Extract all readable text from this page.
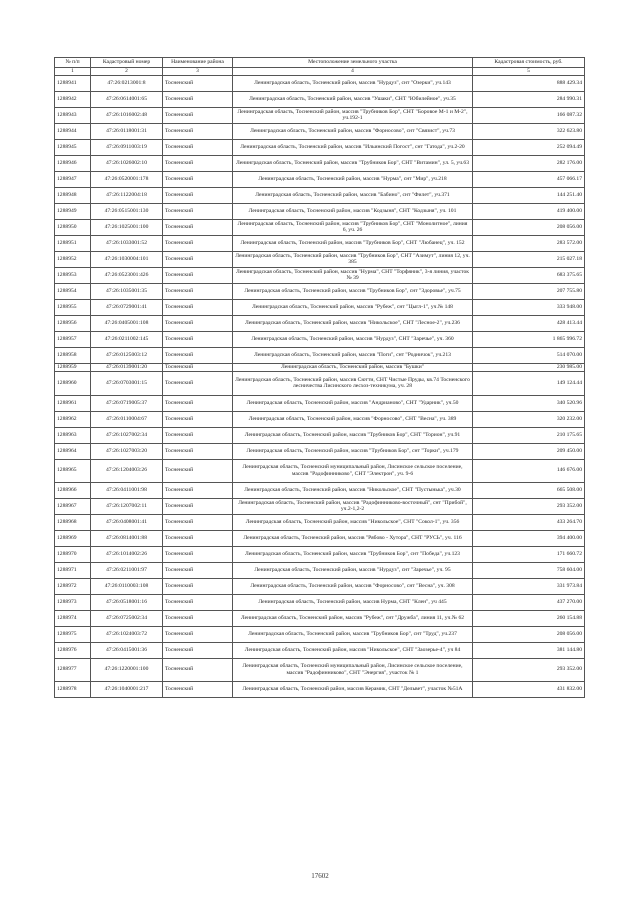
№ п/п	Кадастровый номер	Наименование района	Местоположение земельного участка	Кадастровая стоимость, руб.
1	2	3	4	5
1288941	47:26:0213001:8	Тосненский	Ленинградская область, Тосненский район, массив "Нурдуз", снт "Озерки", уч.143	888 429.34
1288942	47:26:0614001:65	Тосненский	Ленинградская область, Тосненский район, массив "Ушаки", СНТ "Юбилейное", уч.35	284 990.31
1288943	47:26:1016002:48	Тосненский	Ленинградская область, Тосненский район, массив "Трубников Бор", СНТ "Боровое М-1 и М-2", уч.192-1	166 087.32
1288944	47:26:0118001:31	Тосненский	Ленинградская область, Тосненский район, массив "Форносово", снт "Связист", уч.73	322 623.80
1288945	47:26:0911003:19	Тосненский	Ленинградская область, Тосненский район, массив "Ильинский Погост", снт "Гатода", уч.2-20	252 094.49
1288946	47:26:1026002:10	Тосненский	Ленинградская область, Тосненский район, массив "Трубников Бор", СНТ "Витамин", ул. 5, уч.63	282 176.00
1288947	47:26:0520001:178	Тосненский	Ленинградская область, Тосненский район, массив "Нурма", снт "Мир", уч.218	457 066.17
1288948	47:26:1122004:18	Тосненский	Ленинградская область, Тосненский район, массив "Бабино", снт "Филет", уч.371	144 251.40
1288949	47:26:0515001:130	Тосненский	Ленинградская область, Тосненский район, массив "Кодзыня", СНТ "Кодзыня", уч. 101	419 400.00
1288950	47:26:1025001:100	Тосненский	Ленинградская область, Тосненский район, массив "Трубников Бор", СНТ "Монолитное", линия 6, уч. 26	208 056.00
1288951	47:26:1033001:52	Тосненский	Ленинградская область, Тосненский район, массив "Трубников Бор", СНТ "Любанец", уч. 152	283 572.00
1288952	47:26:1030004:101	Тосненский	Ленинградская область, Тосненский район, массив "Трубников Бор", СНТ "Азимут", линия 12, уч. 385	215 027.18
1288953	47:26:0523001:426	Тосненский	Ленинградская область, Тосненский район, массив "Нурма", СНТ "Торфяник", 3-я линия, участок № 39	683 375.65
1288954	47:26:1035001:35	Тосненский	Ленинградская область, Тосненский район, массив "Трубников Бор", снт "Здоровье", уч.75	207 755.80
1288955	47:26:0729001:41	Тосненский	Ленинградская область, Тосненский район, массив "Рубеж", снт "Цыгл-1", уч.№ 148	333 948.00
1288956	47:26:0405001:108	Тосненский	Ленинградская область, Тосненский район, массив "Никольское", СНТ "Лесное-2", уч.236	428 413.44
1288957	47:26:0211002:145	Тосненский	Ленинградская область, Тосненский район, массив "Нурдуз", СНТ "Заречье", уч. 360	1 865 996.72
1288958	47:26:0125003:12	Тосненский	Ленинградская область, Тосненский район, массив "Поги", снт "Родничок", уч.213	514 070.00
1288959	47:26:0139001:20	Тосненский	Ленинградская область, Тосненский район, массив "Бушки"	230 985.00
1288960	47:26:0703001:15	Тосненский	Ленинградская область, Тосненский район, массив Сютти, СНТ Чистые Пруды, кв.74 Тосненского лесничества Лисинского лесхоз-техникума, уч. 28	149 124.44
1288961	47:26:0719005:37	Тосненский	Ленинградская область, Тосненский район, массив "Андрианово", СНТ "Ударник", уч.50	340 520.96
1288962	47:26:0110004:67	Тосненский	Ленинградская область, Тосненский район, массив "Форносово", СНТ "Весна", уч. 389	320 232.00
1288963	47:26:1027002:34	Тосненский	Ленинградская область, Тосненский район, массив "Трубников Бор", СНТ "Торион", уч.91	210 175.65
1288964	47:26:1027003:20	Тосненский	Ленинградская область, Тосненский район, массив "Трубников Бор", снт "Торки", уч.179	209 450.00
1288965	47:26:1204003:26	Тосненский	Ленинградская область, Тосненский муниципальный район, Лисинское сельское поселение, массив "Радофинниково", СНТ "Электрон", уч. 9-6	146 676.00
1288966	47:26:0411001:98	Тосненский	Ленинградская область, Тосненский район, массив "Никольское", СНТ "Пустынька", уч.30	665 508.00
1288967	47:26:1207002:11	Тосненский	Ленинградская область, Тосненский район, массив "Радофинниково-восточный", снт "Прибой", уч.2-1,2-2	293 352.00
1288968	47:26:0408001:41	Тосненский	Ленинградская область, Тосненский район, массив "Никольское", СНТ "Сокол-1", уч. 356	433 264.70
1288969	47:26:0814001:88	Тосненский	Ленинградская область, Тосненский район, массив "Рябово - Хутора", СНТ "РУСЬ", уч. 116	394 400.00
1288970	47:26:1014002:26	Тосненский	Ленинградская область, Тосненский район, массив "Трубников Бор", снт "Победа", уч.123	171 660.72
1288971	47:26:0211001:97	Тосненский	Ленинградская область, Тосненский район, массив "Нурдуз", снт "Заречье", уч. 95	758 604.00
1288972	47:26:0110003:108	Тосненский	Ленинградская область, Тосненский район, массив "Форносово", снт "Весна", уч. 308	331 973.84
1288973	47:26:0518001:16	Тосненский	Ленинградская область, Тосненский район, массив Нурма, СНТ "Клен", уч 445	437 270.00
1288974	47:26:0725002:34	Тосненский	Ленинградская область, Тосненский район, массив "Рубеж", снт "Дружба", линия 11, уч.№ 62	260 154.88
1288975	47:26:1024003:72	Тосненский	Ленинградская область, Тосненский район, массив "Трубников Бор", снт "Труд", уч.237	208 056.00
1288976	47:26:0415001:36	Тосненский	Ленинградская область, Тосненский район, массив "Никольское", СНТ "Заозерье-4", уч 84	381 144.80
1288977	47:26:1220001:100	Тосненский	Ленинградская область, Тосненский муниципальный район, Лисинское сельское поселение, массив "Радофинниково", СНТ "Энергия", участок № 1	293 352.00
1288978	47:26:1040001:217	Тосненский	Ленинградская область, Тосненский район, массив Керамик, СНТ "Дельвет", участок №51А	431 832.00
17602
